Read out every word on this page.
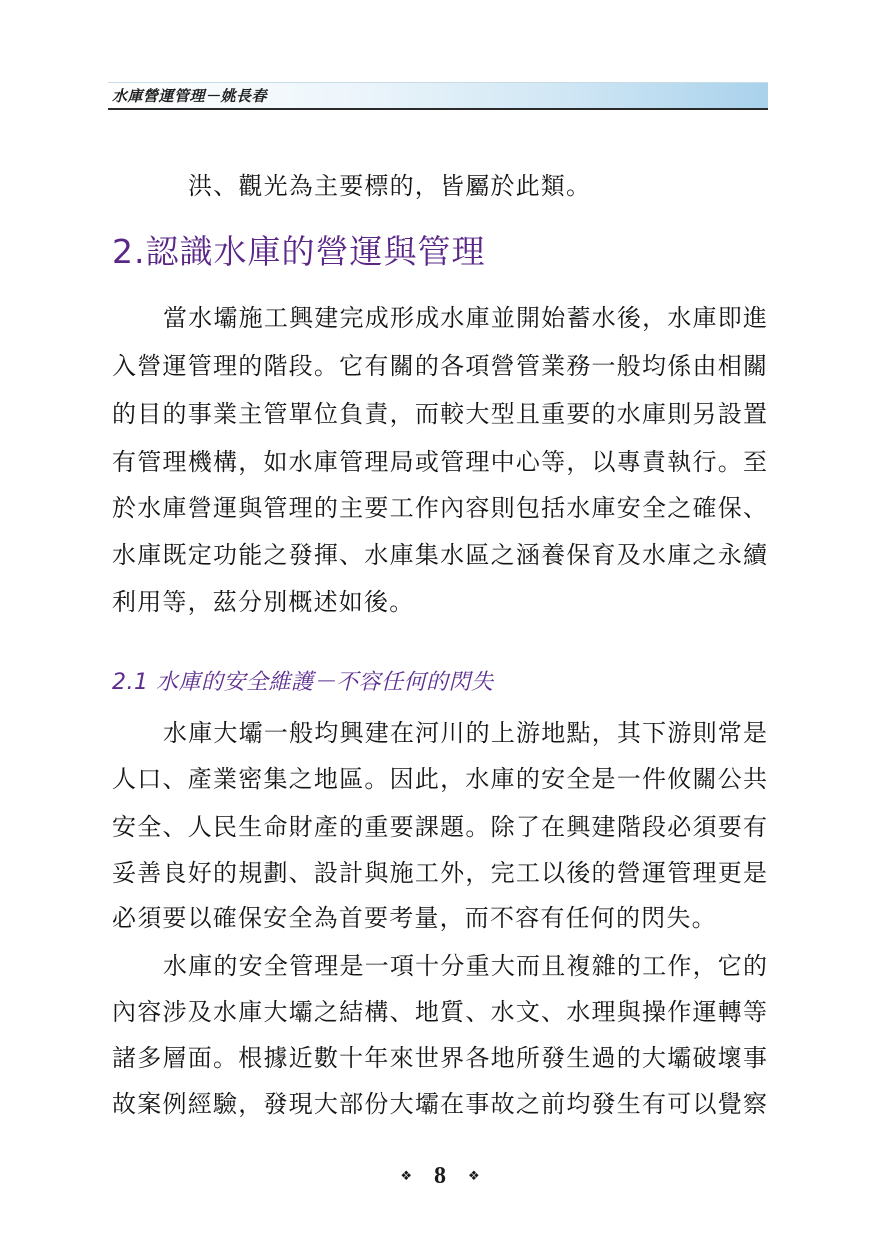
水庫營運管理－姚長春
洪、觀光為主要標的，皆屬於此類。
2.認識水庫的營運與管理
當水壩施工興建完成形成水庫並開始蓄水後，水庫即進
入營運管理的階段。它有關的各項營管業務一般均係由相關
的目的事業主管單位負責，而較大型且重要的水庫則另設置
有管理機構，如水庫管理局或管理中心等，以專責執行。至
於水庫營運與管理的主要工作內容則包括水庫安全之確保、
水庫既定功能之發揮、水庫集水區之涵養保育及水庫之永續
利用等，茲分別概述如後。
2.1 水庫的安全維護－不容任何的閃失
水庫大壩一般均興建在河川的上游地點，其下游則常是
人口、產業密集之地區。因此，水庫的安全是一件攸關公共
安全、人民生命財產的重要課題。除了在興建階段必須要有
妥善良好的規劃、設計與施工外，完工以後的營運管理更是
必須要以確保安全為首要考量，而不容有任何的閃失。
水庫的安全管理是一項十分重大而且複雜的工作，它的
內容涉及水庫大壩之結構、地質、水文、水理與操作運轉等
諸多層面。根據近數十年來世界各地所發生過的大壩破壞事
故案例經驗，發現大部份大壩在事故之前均發生有可以覺察
❖ 8 ❖
